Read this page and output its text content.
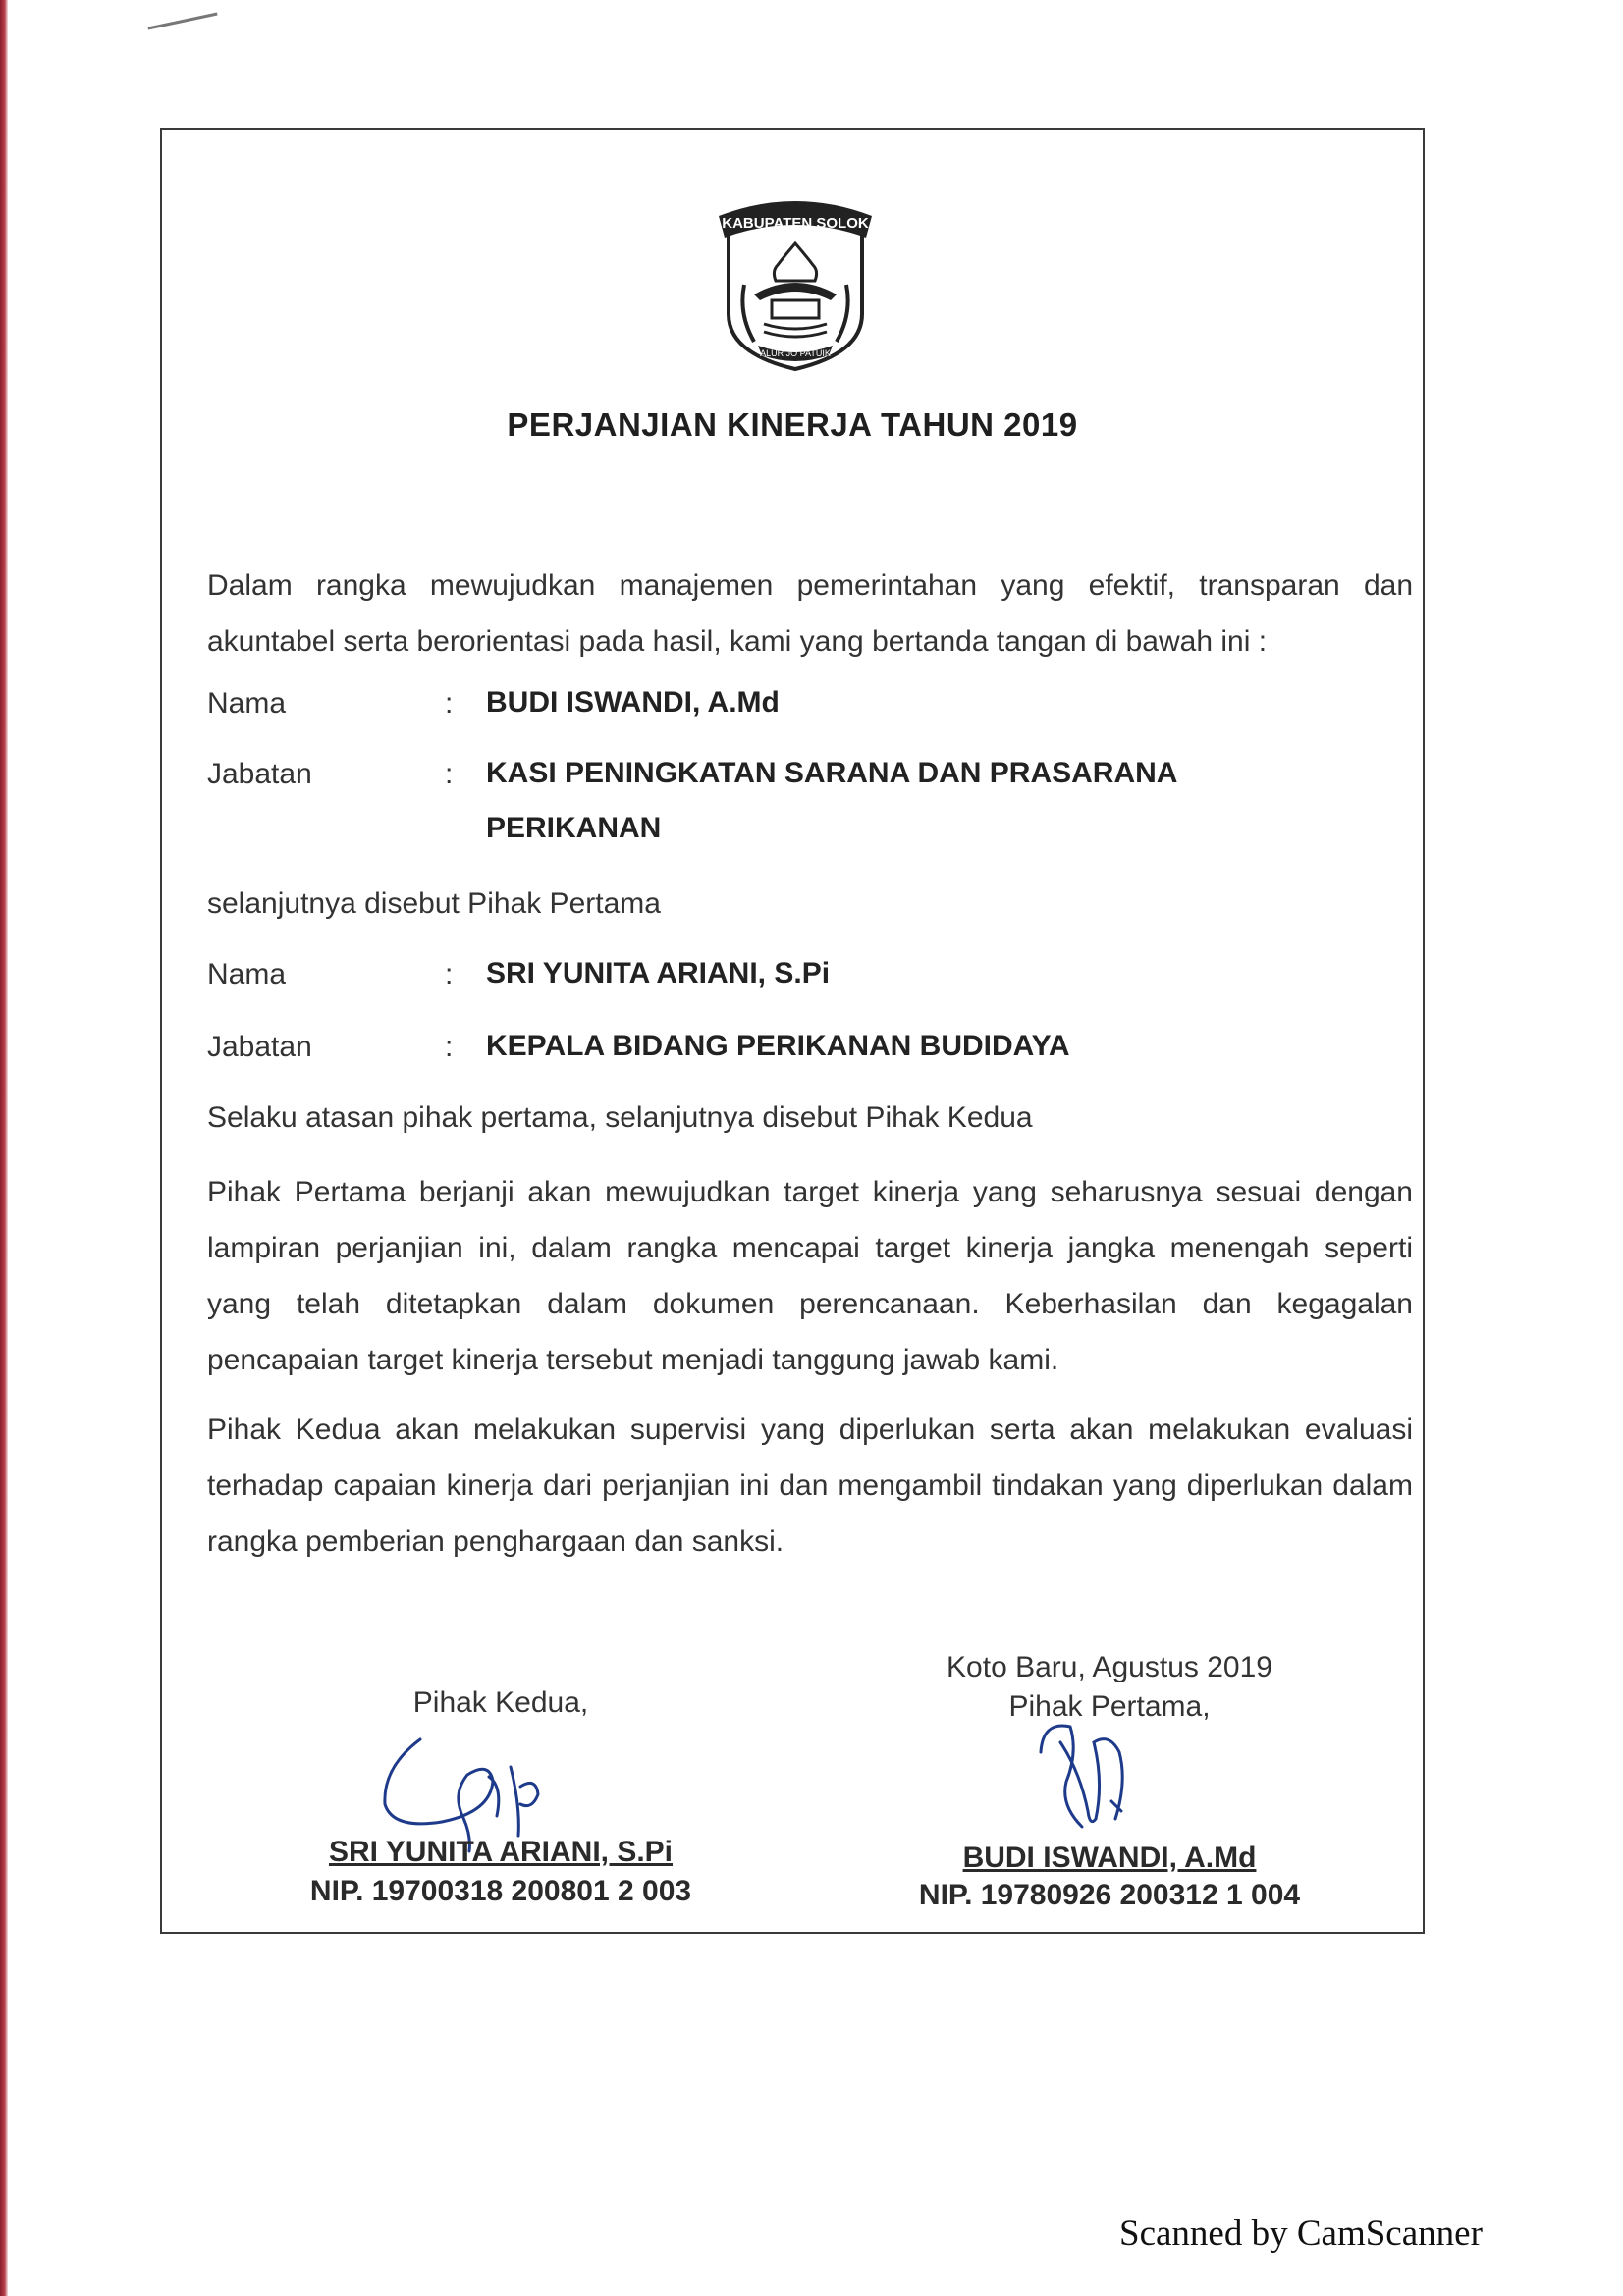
KABUPATEN SOLOK
ALUR JO PATUIK
PERJANJIAN KINERJA TAHUN 2019
Dalam rangka mewujudkan manajemen pemerintahan yang efektif, transparan dan akuntabel serta berorientasi pada hasil, kami yang bertanda tangan di bawah ini :
Nama	: BUDI ISWANDI, A.Md
Jabatan	: KASI PENINGKATAN SARANA DAN PRASARANA
PERIKANAN
selanjutnya disebut Pihak Pertama
Nama	: SRI YUNITA ARIANI, S.Pi
Jabatan	: KEPALA BIDANG PERIKANAN BUDIDAYA
Selaku atasan pihak pertama, selanjutnya disebut Pihak Kedua
Pihak Pertama berjanji akan mewujudkan target kinerja yang seharusnya sesuai dengan lampiran perjanjian ini, dalam rangka mencapai target kinerja jangka menengah seperti yang telah ditetapkan dalam dokumen perencanaan. Keberhasilan dan kegagalan pencapaian target kinerja tersebut menjadi tanggung jawab kami.
Pihak Kedua akan melakukan supervisi yang diperlukan serta akan melakukan evaluasi terhadap capaian kinerja dari perjanjian ini dan mengambil tindakan yang diperlukan dalam rangka pemberian penghargaan dan sanksi.
Koto Baru, Agustus 2019
Pihak Kedua,	Pihak Pertama,
SRI YUNITA ARIANI, S.Pi
NIP. 19700318 200801 2 003
BUDI ISWANDI, A.Md
NIP. 19780926 200312 1 004
Scanned by CamScanner
